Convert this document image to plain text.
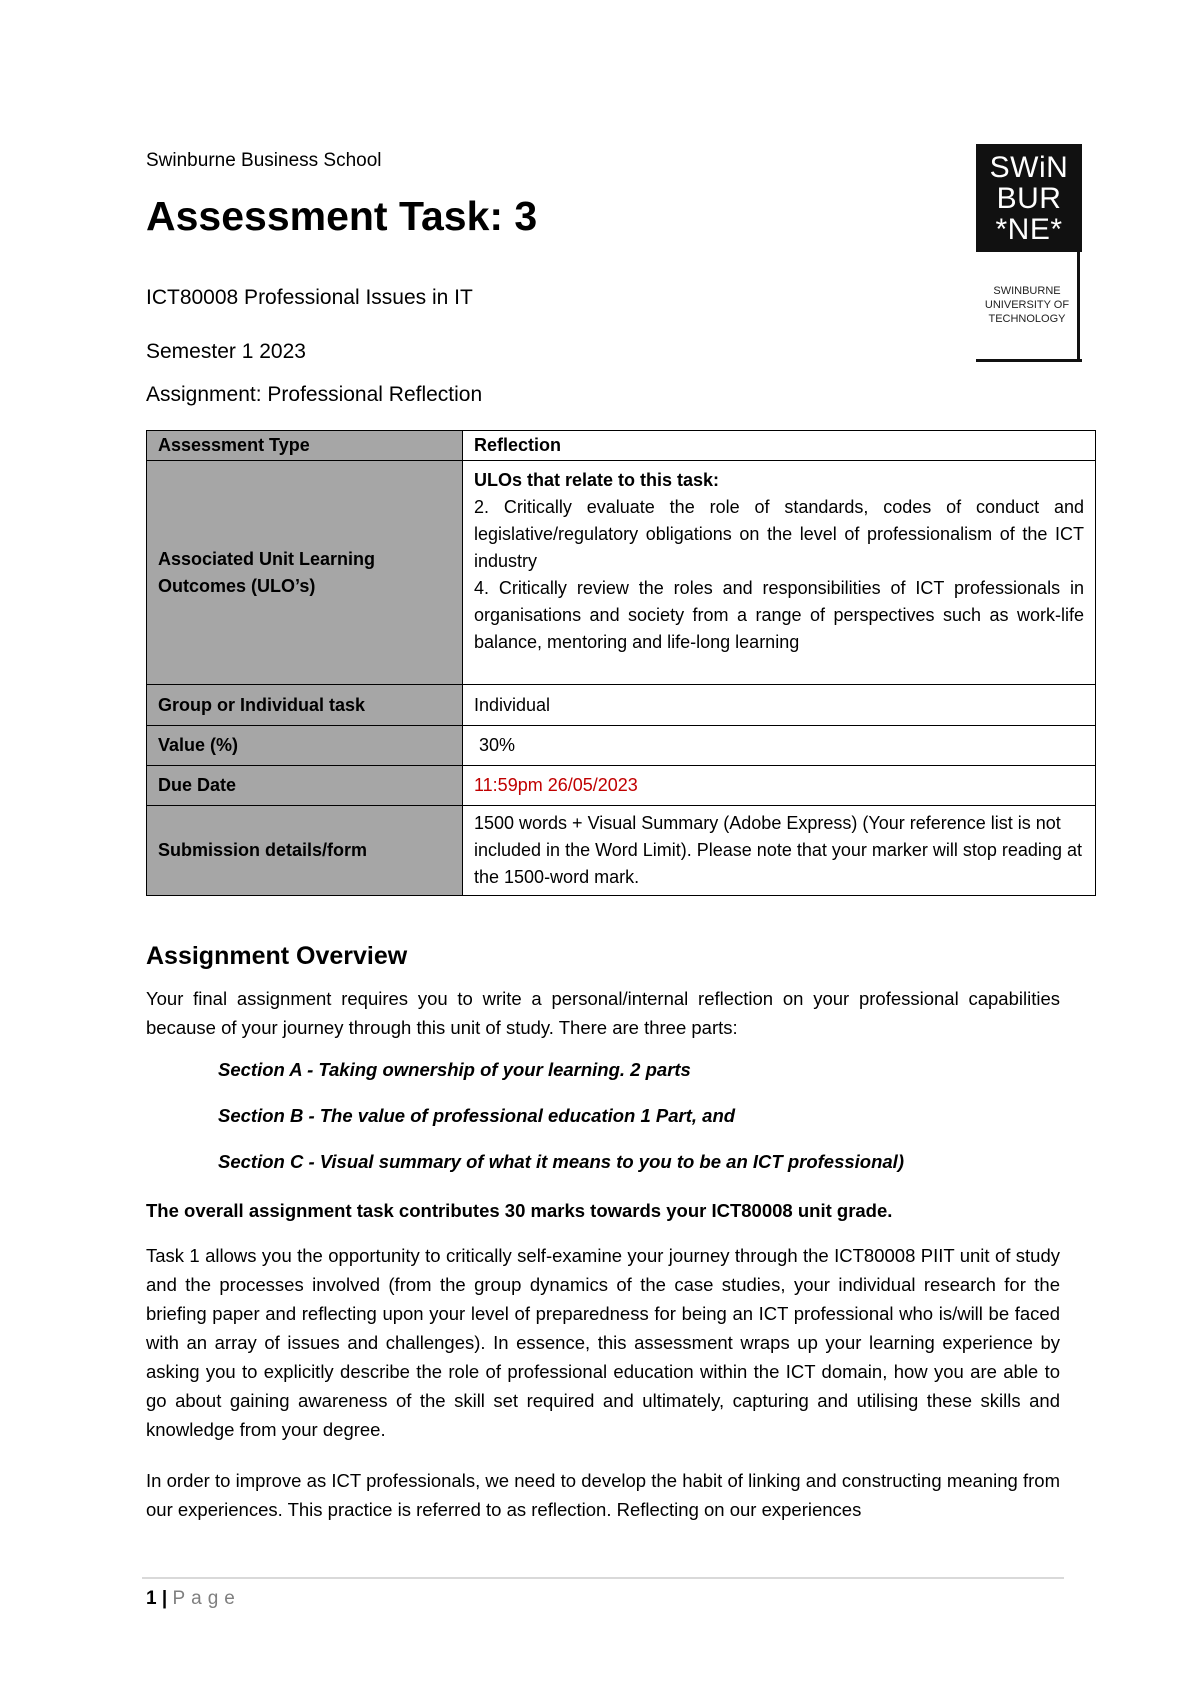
Swinburne Business School
Assessment Task: 3
ICT80008 Professional Issues in IT
Semester 1 2023
Assignment: Professional Reflection
SWiN
BUR
*NE*
SWINBURNE
UNIVERSITY OF
TECHNOLOGY
Assessment Type	Reflection
Associated Unit Learning Outcomes (ULO’s)	ULOs that relate to this task:
2. Critically evaluate the role of standards, codes of conduct and legislative/regulatory obligations on the level of professionalism of the ICT industry
4. Critically review the roles and responsibilities of ICT professionals in organisations and society from a range of perspectives such as work-life balance, mentoring and life-long learning

Group or Individual task	Individual
Value (%)	30%
Due Date	11:59pm 26/05/2023
Submission details/form	1500 words + Visual Summary (Adobe Express) (Your reference list is not included in the Word Limit). Please note that your marker will stop reading at the 1500-word mark.
Assignment Overview
Your final assignment requires you to write a personal/internal reflection on your professional capabilities because of your journey through this unit of study. There are three parts:
Section A - Taking ownership of your learning. 2 parts
Section B - The value of professional education 1 Part, and
Section C - Visual summary of what it means to you to be an ICT professional)
The overall assignment task contributes 30 marks towards your ICT80008 unit grade.
Task 1 allows you the opportunity to critically self-examine your journey through the ICT80008 PIIT unit of study and the processes involved (from the group dynamics of the case studies, your individual research for the briefing paper and reflecting upon your level of preparedness for being an ICT professional who is/will be faced with an array of issues and challenges). In essence, this assessment wraps up your learning experience by asking you to explicitly describe the role of professional education within the ICT domain, how you are able to go about gaining awareness of the skill set required and ultimately, capturing and utilising these skills and knowledge from your degree.
In order to improve as ICT professionals, we need to develop the habit of linking and constructing meaning from our experiences. This practice is referred to as reflection. Reflecting on our experiences
1 | Page
